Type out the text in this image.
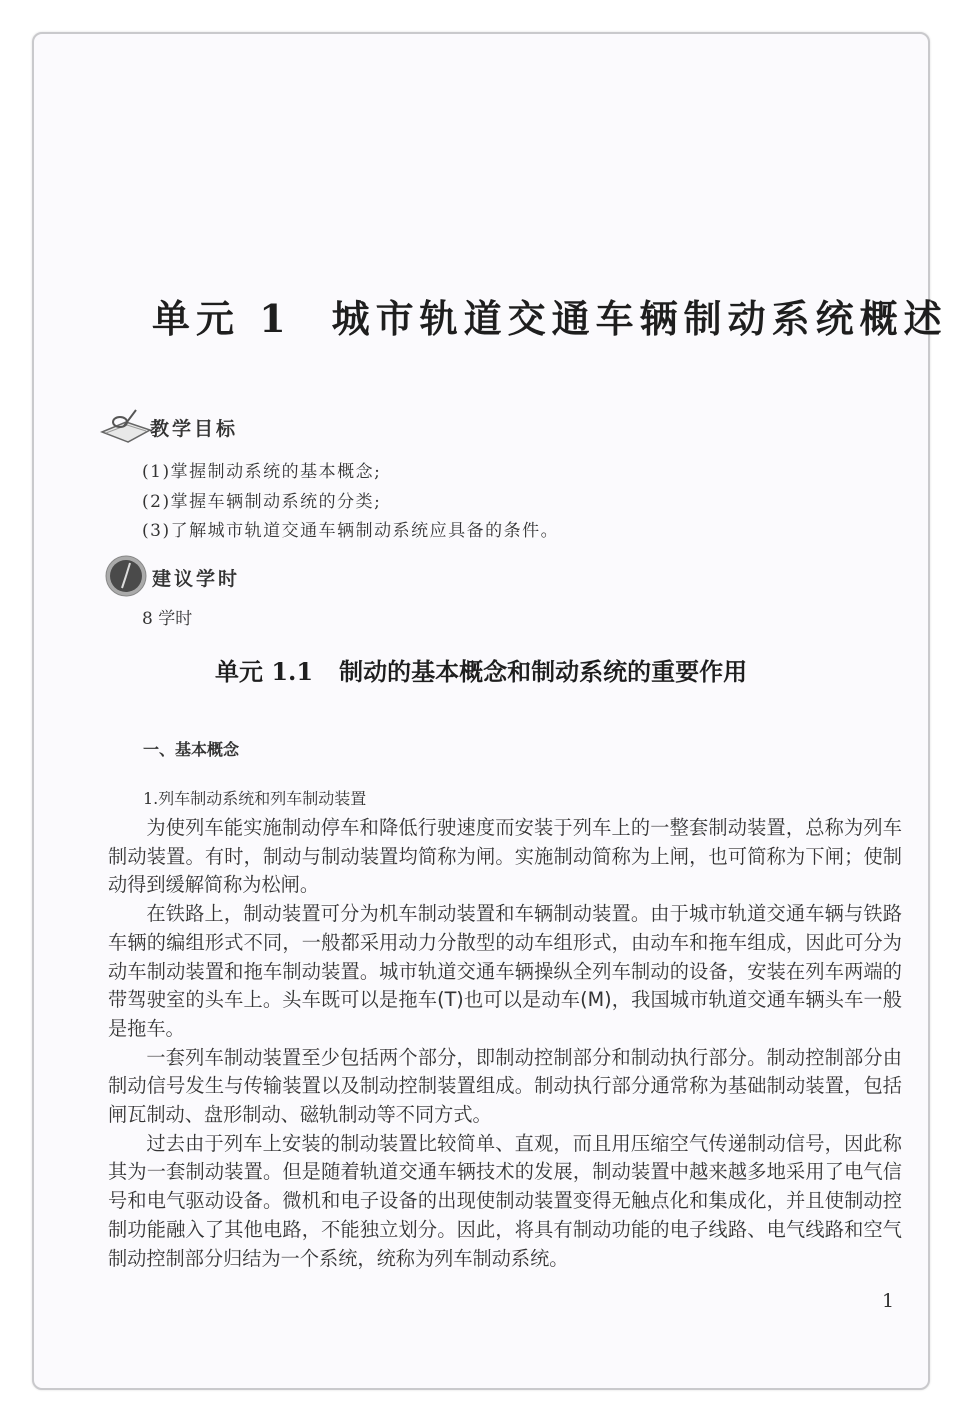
单元 1 城市轨道交通车辆制动系统概述
教学目标
(1)掌握制动系统的基本概念;
(2)掌握车辆制动系统的分类;
(3)了解城市轨道交通车辆制动系统应具备的条件。
建议学时
8 学时
单元 1.1 制动的基本概念和制动系统的重要作用
一、基本概念
1.列车制动系统和列车制动装置

为使列车能实施制动停车和降低行驶速度而安装于列车上的一整套制动装置，总称为列车制动装置。有时，制动与制动装置均简称为闸。实施制动简称为上闸，也可简称为下闸；使制动得到缓解简称为松闸。

在铁路上，制动装置可分为机车制动装置和车辆制动装置。由于城市轨道交通车辆与铁路车辆的编组形式不同，一般都采用动力分散型的动车组形式，由动车和拖车组成，因此可分为动车制动装置和拖车制动装置。城市轨道交通车辆操纵全列车制动的设备，安装在列车两端的带驾驶室的头车上。头车既可以是拖车(T)也可以是动车(M)，我国城市轨道交通车辆头车一般是拖车。

一套列车制动装置至少包括两个部分，即制动控制部分和制动执行部分。制动控制部分由制动信号发生与传输装置以及制动控制装置组成。制动执行部分通常称为基础制动装置，包括闸瓦制动、盘形制动、磁轨制动等不同方式。

过去由于列车上安装的制动装置比较简单、直观，而且用压缩空气传递制动信号，因此称其为一套制动装置。但是随着轨道交通车辆技术的发展，制动装置中越来越多地采用了电气信号和电气驱动设备。微机和电子设备的出现使制动装置变得无触点化和集成化，并且使制动控制功能融入了其他电路，不能独立划分。因此，将具有制动功能的电子线路、电气线路和空气制动控制部分归结为一个系统，统称为列车制动系统。

1
